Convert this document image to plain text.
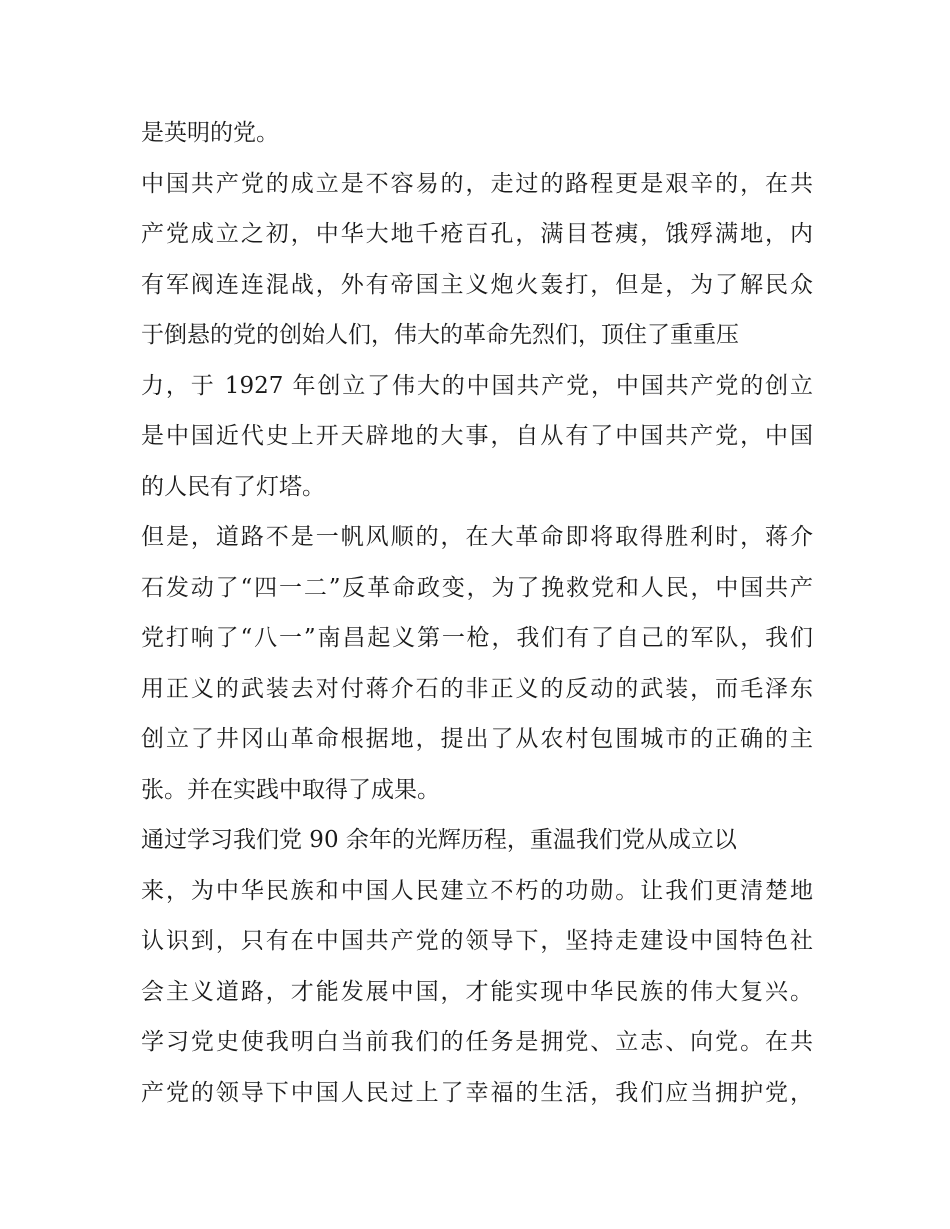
是英明的党。
中国共产党的成立是不容易的，走过的路程更是艰辛的，在共
产党成立之初，中华大地千疮百孔，满目苍痍，饿殍满地，内
有军阀连连混战，外有帝国主义炮火轰打，但是，为了解民众
于倒悬的党的创始人们，伟大的革命先烈们，顶住了重重压
力，于 1927 年创立了伟大的中国共产党，中国共产党的创立
是中国近代史上开天辟地的大事，自从有了中国共产党，中国
的人民有了灯塔。
但是，道路不是一帆风顺的，在大革命即将取得胜利时，蒋介
石发动了“四一二”反革命政变，为了挽救党和人民，中国共产
党打响了“八一”南昌起义第一枪，我们有了自己的军队，我们
用正义的武装去对付蒋介石的非正义的反动的武装，而毛泽东
创立了井冈山革命根据地，提出了从农村包围城市的正确的主
张。并在实践中取得了成果。
通过学习我们党 90 余年的光辉历程，重温我们党从成立以
来，为中华民族和中国人民建立不朽的功勋。让我们更清楚地
认识到，只有在中国共产党的领导下，坚持走建设中国特色社
会主义道路，才能发展中国，才能实现中华民族的伟大复兴。
学习党史使我明白当前我们的任务是拥党、立志、向党。在共
产党的领导下中国人民过上了幸福的生活，我们应当拥护党，
